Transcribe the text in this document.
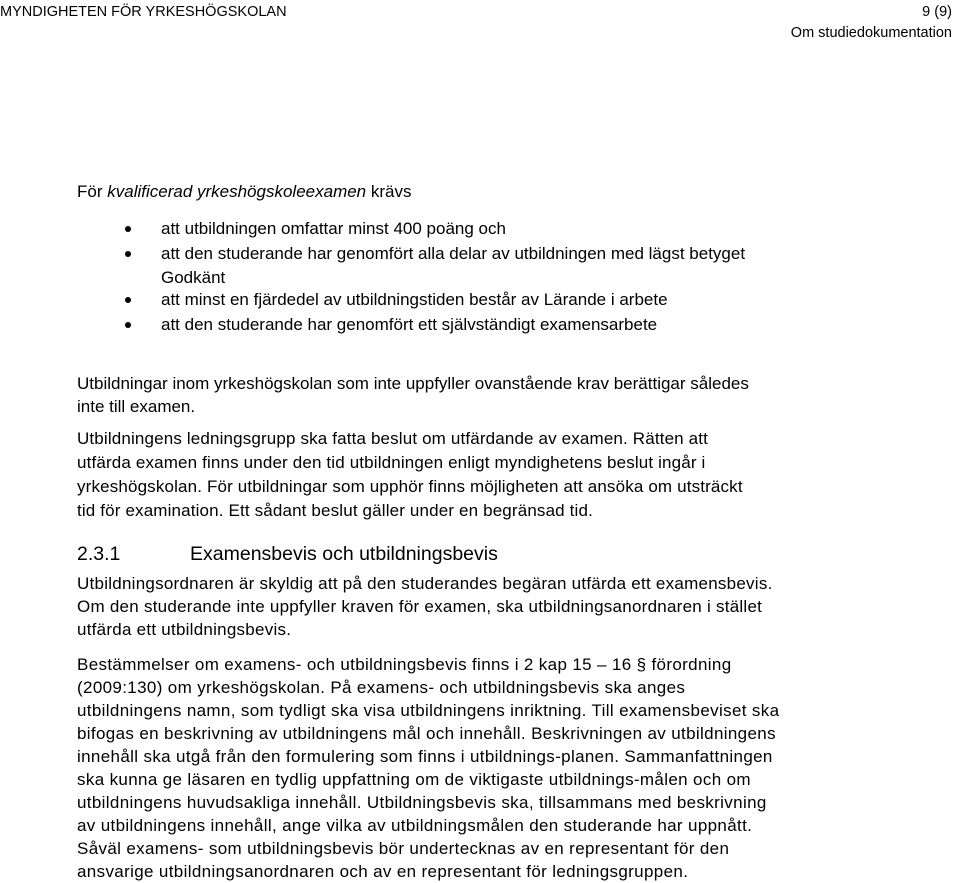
MYNDIGHETEN FÖR YRKESHÖGSKOLAN	9 (9)
Om studiedokumentation
För kvalificerad yrkeshögskoleexamen krävs
att utbildningen omfattar minst 400 poäng och
att den studerande har genomfört alla delar av utbildningen med lägst betyget
Godkänt
att minst en fjärdedel av utbildningstiden består av Lärande i arbete
att den studerande har genomfört ett självständigt examensarbete
Utbildningar inom yrkeshögskolan som inte uppfyller ovanstående krav berättigar således
inte till examen.
Utbildningens ledningsgrupp ska fatta beslut om utfärdande av examen. Rätten att
utfärda examen finns under den tid utbildningen enligt myndighetens beslut ingår i
yrkeshögskolan. För utbildningar som upphör finns möjligheten att ansöka om utsträckt
tid för examination. Ett sådant beslut gäller under en begränsad tid.
2.3.1	Examensbevis och utbildningsbevis
Utbildningsordnaren är skyldig att på den studerandes begäran utfärda ett examensbevis.
Om den studerande inte uppfyller kraven för examen, ska utbildningsanordnaren i stället
utfärda ett utbildningsbevis.
Bestämmelser om examens- och utbildningsbevis finns i 2 kap 15 – 16 § förordning
(2009:130) om yrkeshögskolan. På examens- och utbildningsbevis ska anges
utbildningens namn, som tydligt ska visa utbildningens inriktning. Till examensbeviset ska
bifogas en beskrivning av utbildningens mål och innehåll. Beskrivningen av utbildningens
innehåll ska utgå från den formulering som finns i utbildnings-planen. Sammanfattningen
ska kunna ge läsaren en tydlig uppfattning om de viktigaste utbildnings-målen och om
utbildningens huvudsakliga innehåll. Utbildningsbevis ska, tillsammans med beskrivning
av utbildningens innehåll, ange vilka av utbildningsmålen den studerande har uppnått.
Såväl examens- som utbildningsbevis bör undertecknas av en representant för den
ansvarige utbildningsanordnaren och av en representant för ledningsgruppen.
